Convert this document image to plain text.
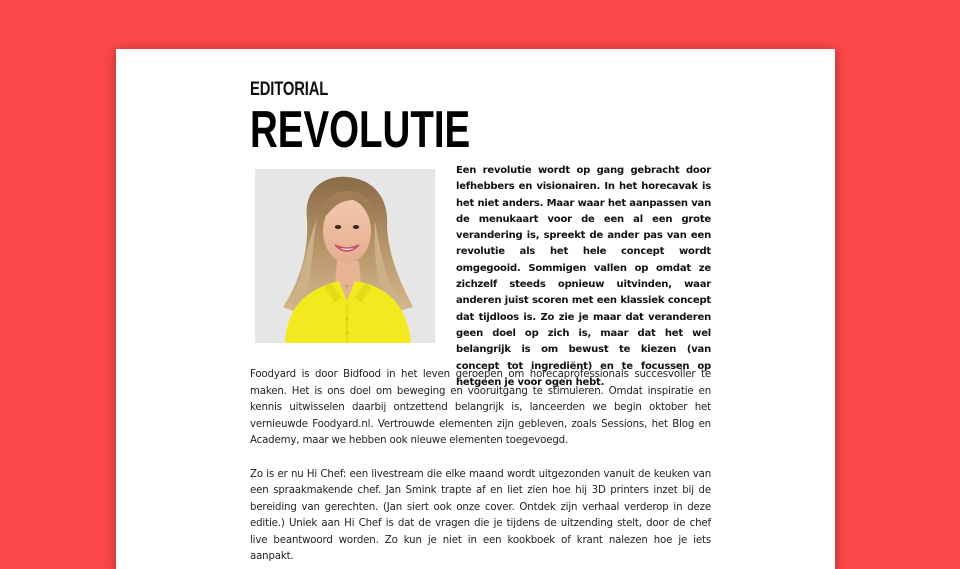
EDITORIAL
REVOLUTIE

Een revolutie wordt op gang gebracht door lefhebbers en visionairen. In het horecavak is het niet anders. Maar waar het aanpassen van de menukaart voor de een al een grote verandering is, spreekt de ander pas van een revolutie als het hele concept wordt omgegooid. Sommigen vallen op omdat ze zichzelf steeds opnieuw uitvinden, waar anderen juist scoren met een klassiek concept dat tijdloos is. Zo zie je maar dat veranderen geen doel op zich is, maar dat het wel belangrijk is om bewust te kiezen (van concept tot ingrediënt) en te focussen op hetgeen je voor ogen hebt.

Foodyard is door Bidfood in het leven geroepen om horecaprofessionals succesvoller te maken. Het is ons doel om beweging en vooruitgang te stimuleren. Omdat inspiratie en kennis uitwisselen daarbij ontzettend belangrijk is, lanceerden we begin oktober het vernieuwde Foodyard.nl. Vertrouwde elementen zijn gebleven, zoals Sessions, het Blog en Academy, maar we hebben ook nieuwe elementen toegevoegd.

Zo is er nu Hi Chef: een livestream die elke maand wordt uitgezonden vanuit de keuken van een spraakmakende chef. Jan Smink trapte af en liet zien hoe hij 3D printers inzet bij de bereiding van gerechten. (Jan siert ook onze cover. Ontdek zijn verhaal verderop in deze editie.) Uniek aan Hi Chef is dat de vragen die je tijdens de uitzending stelt, door de chef live beantwoord worden. Zo kun je niet in een kookboek of krant nalezen hoe je iets aanpakt.
